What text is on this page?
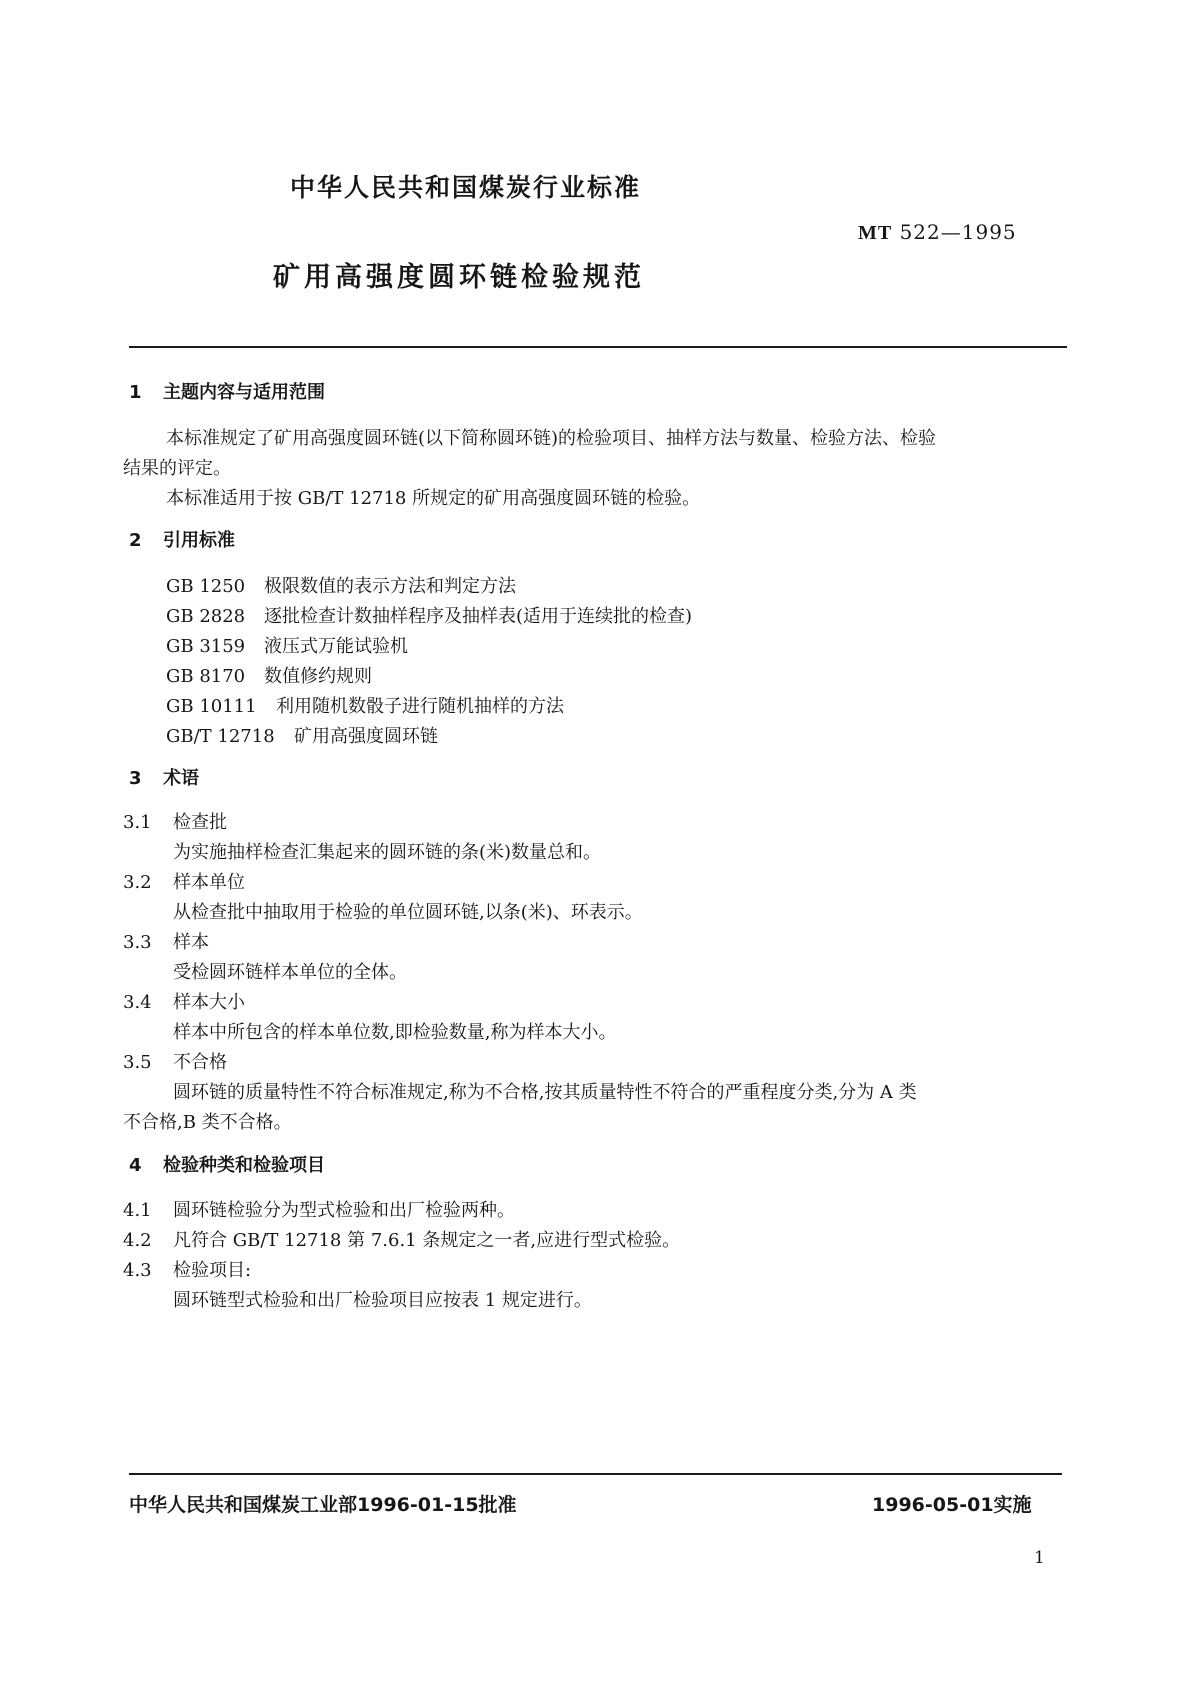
中华人民共和国煤炭行业标准
MT 522—1995
矿用高强度圆环链检验规范
1 主题内容与适用范围
本标准规定了矿用高强度圆环链(以下简称圆环链)的检验项目、抽样方法与数量、检验方法、检验
结果的评定。
本标准适用于按 GB/T 12718 所规定的矿用高强度圆环链的检验。
2 引用标准
GB 1250 极限数值的表示方法和判定方法
GB 2828 逐批检查计数抽样程序及抽样表(适用于连续批的检查)
GB 3159 液压式万能试验机
GB 8170 数值修约规则
GB 10111 利用随机数骰子进行随机抽样的方法
GB/T 12718 矿用高强度圆环链
3 术语
3.1 检查批
为实施抽样检查汇集起来的圆环链的条(米)数量总和。
3.2 样本单位
从检查批中抽取用于检验的单位圆环链,以条(米)、环表示。
3.3 样本
受检圆环链样本单位的全体。
3.4 样本大小
样本中所包含的样本单位数,即检验数量,称为样本大小。
3.5 不合格
圆环链的质量特性不符合标准规定,称为不合格,按其质量特性不符合的严重程度分类,分为 A 类
不合格,B 类不合格。
4 检验种类和检验项目
4.1 圆环链检验分为型式检验和出厂检验两种。
4.2 凡符合 GB/T 12718 第 7.6.1 条规定之一者,应进行型式检验。
4.3 检验项目:
圆环链型式检验和出厂检验项目应按表 1 规定进行。
中华人民共和国煤炭工业部1996-01-15批准	1996-05-01实施
1
